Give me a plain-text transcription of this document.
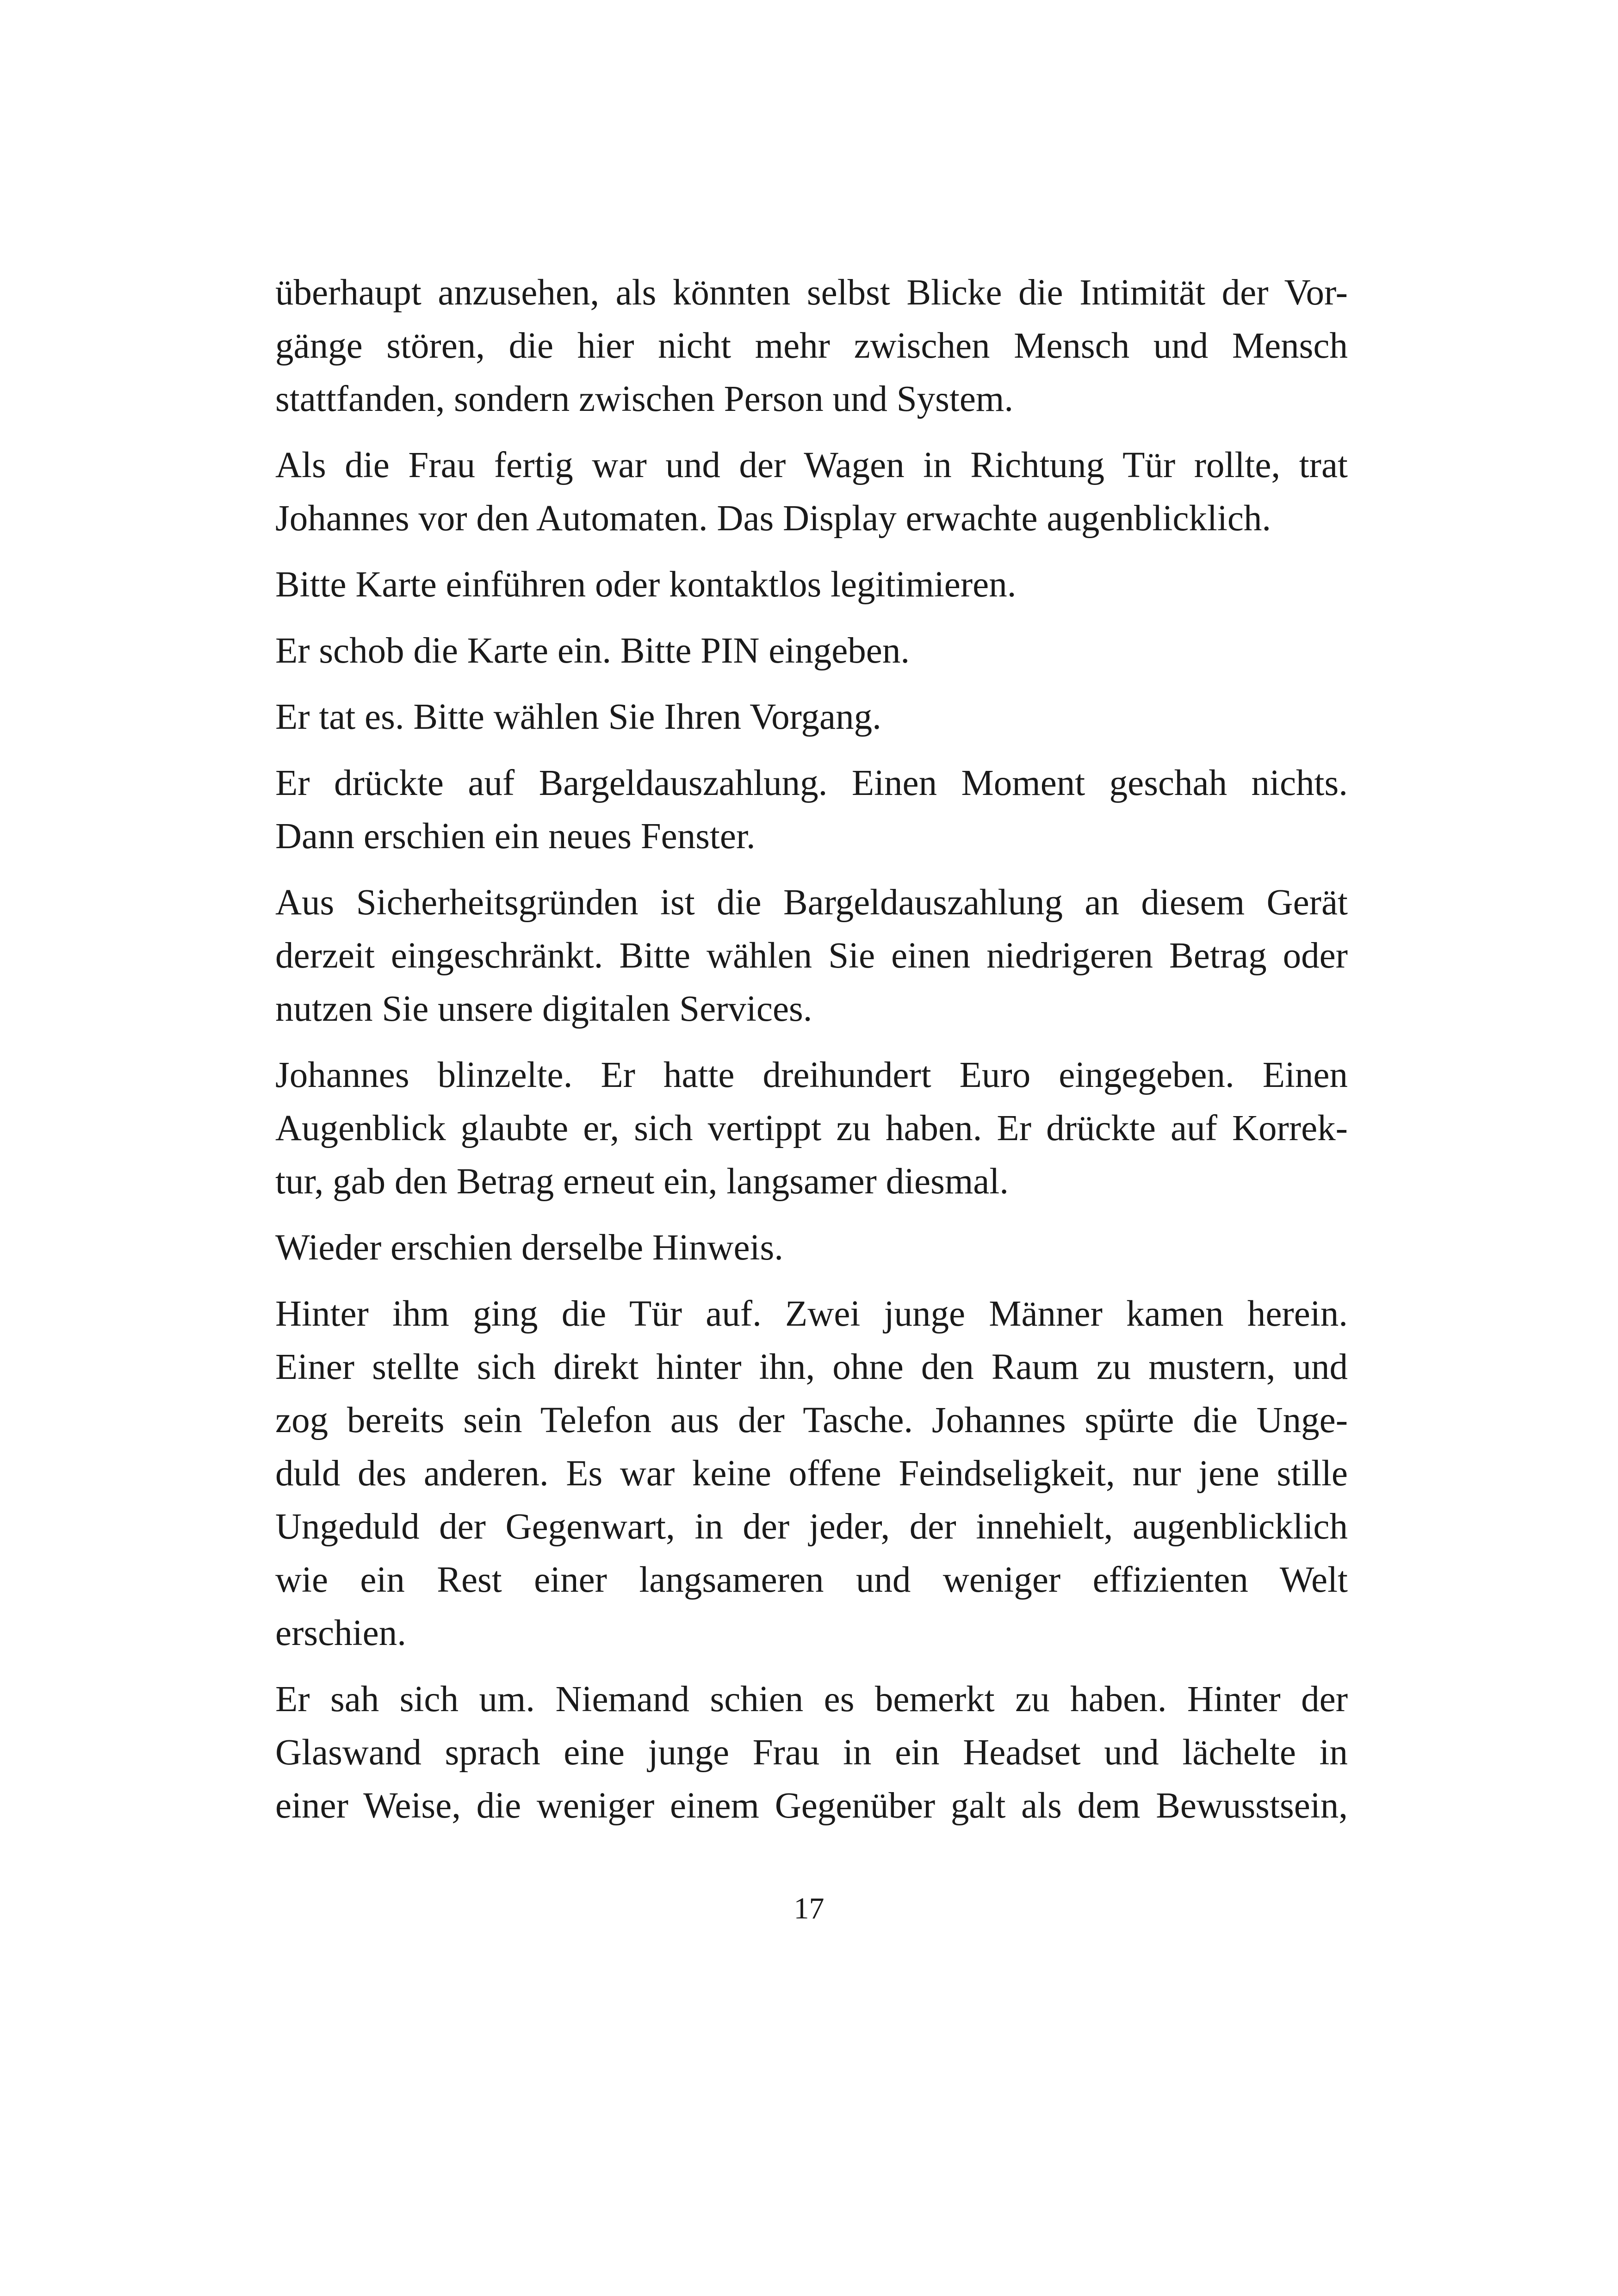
überhaupt anzusehen, als könnten selbst Blicke die Intimität der Vor-
gänge stören, die hier nicht mehr zwischen Mensch und Mensch
stattfanden, sondern zwischen Person und System.

Als die Frau fertig war und der Wagen in Richtung Tür rollte, trat
Johannes vor den Automaten. Das Display erwachte augenblicklich.

Bitte Karte einführen oder kontaktlos legitimieren.

Er schob die Karte ein. Bitte PIN eingeben.

Er tat es. Bitte wählen Sie Ihren Vorgang.

Er drückte auf Bargeldauszahlung. Einen Moment geschah nichts.
Dann erschien ein neues Fenster.

Aus Sicherheitsgründen ist die Bargeldauszahlung an diesem Gerät
derzeit eingeschränkt. Bitte wählen Sie einen niedrigeren Betrag oder
nutzen Sie unsere digitalen Services.

Johannes blinzelte. Er hatte dreihundert Euro eingegeben. Einen
Augenblick glaubte er, sich vertippt zu haben. Er drückte auf Korrek-
tur, gab den Betrag erneut ein, langsamer diesmal.

Wieder erschien derselbe Hinweis.

Hinter ihm ging die Tür auf. Zwei junge Männer kamen herein.
Einer stellte sich direkt hinter ihn, ohne den Raum zu mustern, und
zog bereits sein Telefon aus der Tasche. Johannes spürte die Unge-
duld des anderen. Es war keine offene Feindseligkeit, nur jene stille
Ungeduld der Gegenwart, in der jeder, der innehielt, augenblicklich
wie ein Rest einer langsameren und weniger effizienten Welt
erschien.

Er sah sich um. Niemand schien es bemerkt zu haben. Hinter der
Glaswand sprach eine junge Frau in ein Headset und lächelte in
einer Weise, die weniger einem Gegenüber galt als dem Bewusstsein,

17
